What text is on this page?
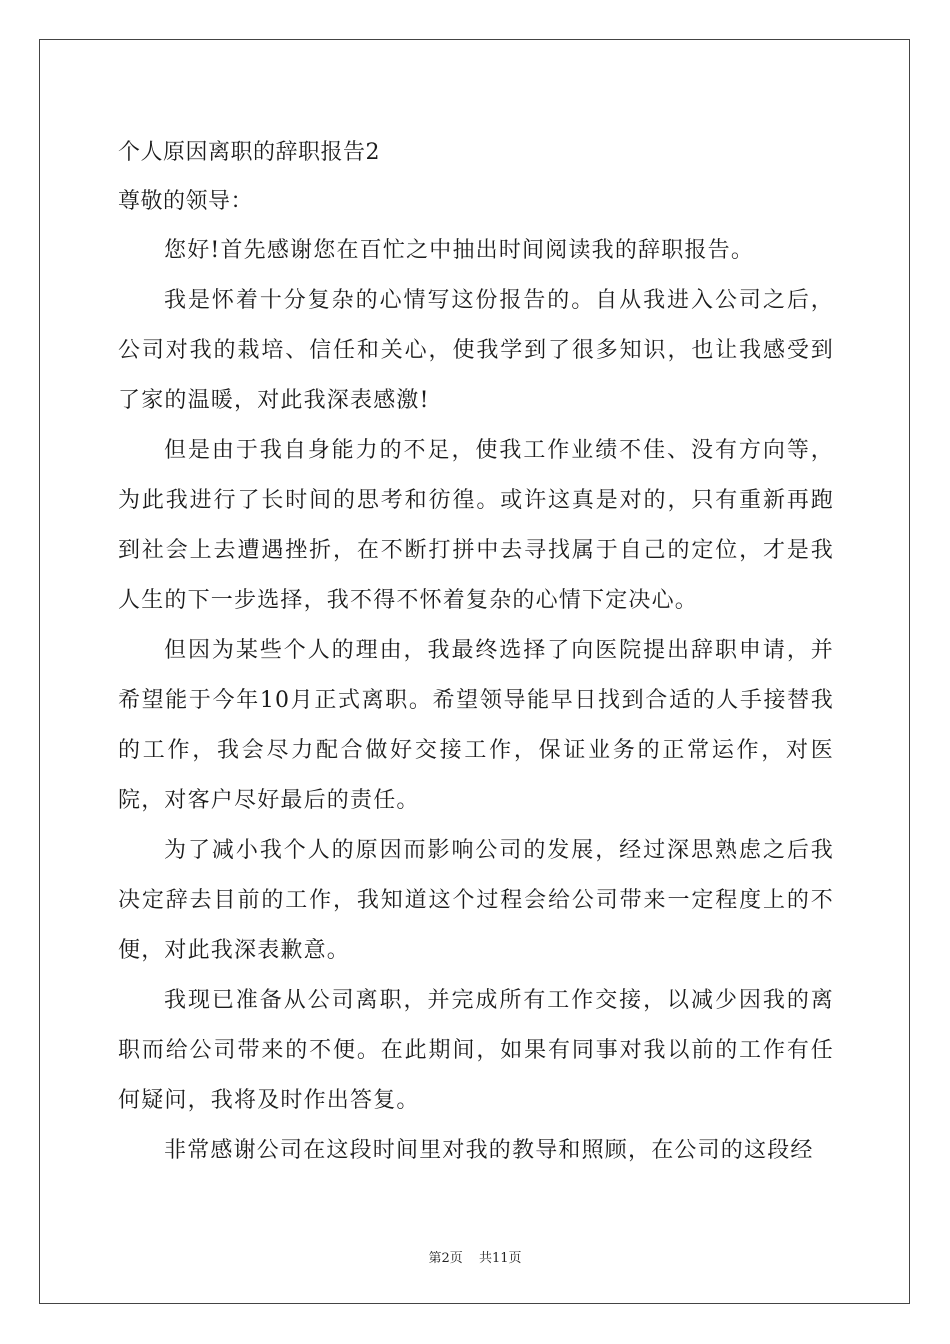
个人原因离职的辞职报告2
尊敬的领导：

您好!首先感谢您在百忙之中抽出时间阅读我的辞职报告。

我是怀着十分复杂的心情写这份报告的。自从我进入公司之后，公司对我的栽培、信任和关心，使我学到了很多知识，也让我感受到了家的温暖，对此我深表感激!

但是由于我自身能力的不足，使我工作业绩不佳、没有方向等，为此我进行了长时间的思考和彷徨。或许这真是对的，只有重新再跑到社会上去遭遇挫折，在不断打拼中去寻找属于自己的定位，才是我人生的下一步选择，我不得不怀着复杂的心情下定决心。

但因为某些个人的理由，我最终选择了向医院提出辞职申请，并希望能于今年10月正式离职。希望领导能早日找到合适的人手接替我的工作，我会尽力配合做好交接工作，保证业务的正常运作，对医院，对客户尽好最后的责任。

为了减小我个人的原因而影响公司的发展，经过深思熟虑之后我决定辞去目前的工作，我知道这个过程会给公司带来一定程度上的不便，对此我深表歉意。

我现已准备从公司离职，并完成所有工作交接，以减少因我的离职而给公司带来的不便。在此期间，如果有同事对我以前的工作有任何疑问，我将及时作出答复。

非常感谢公司在这段时间里对我的教导和照顾，在公司的这段经

第2页 共11页
